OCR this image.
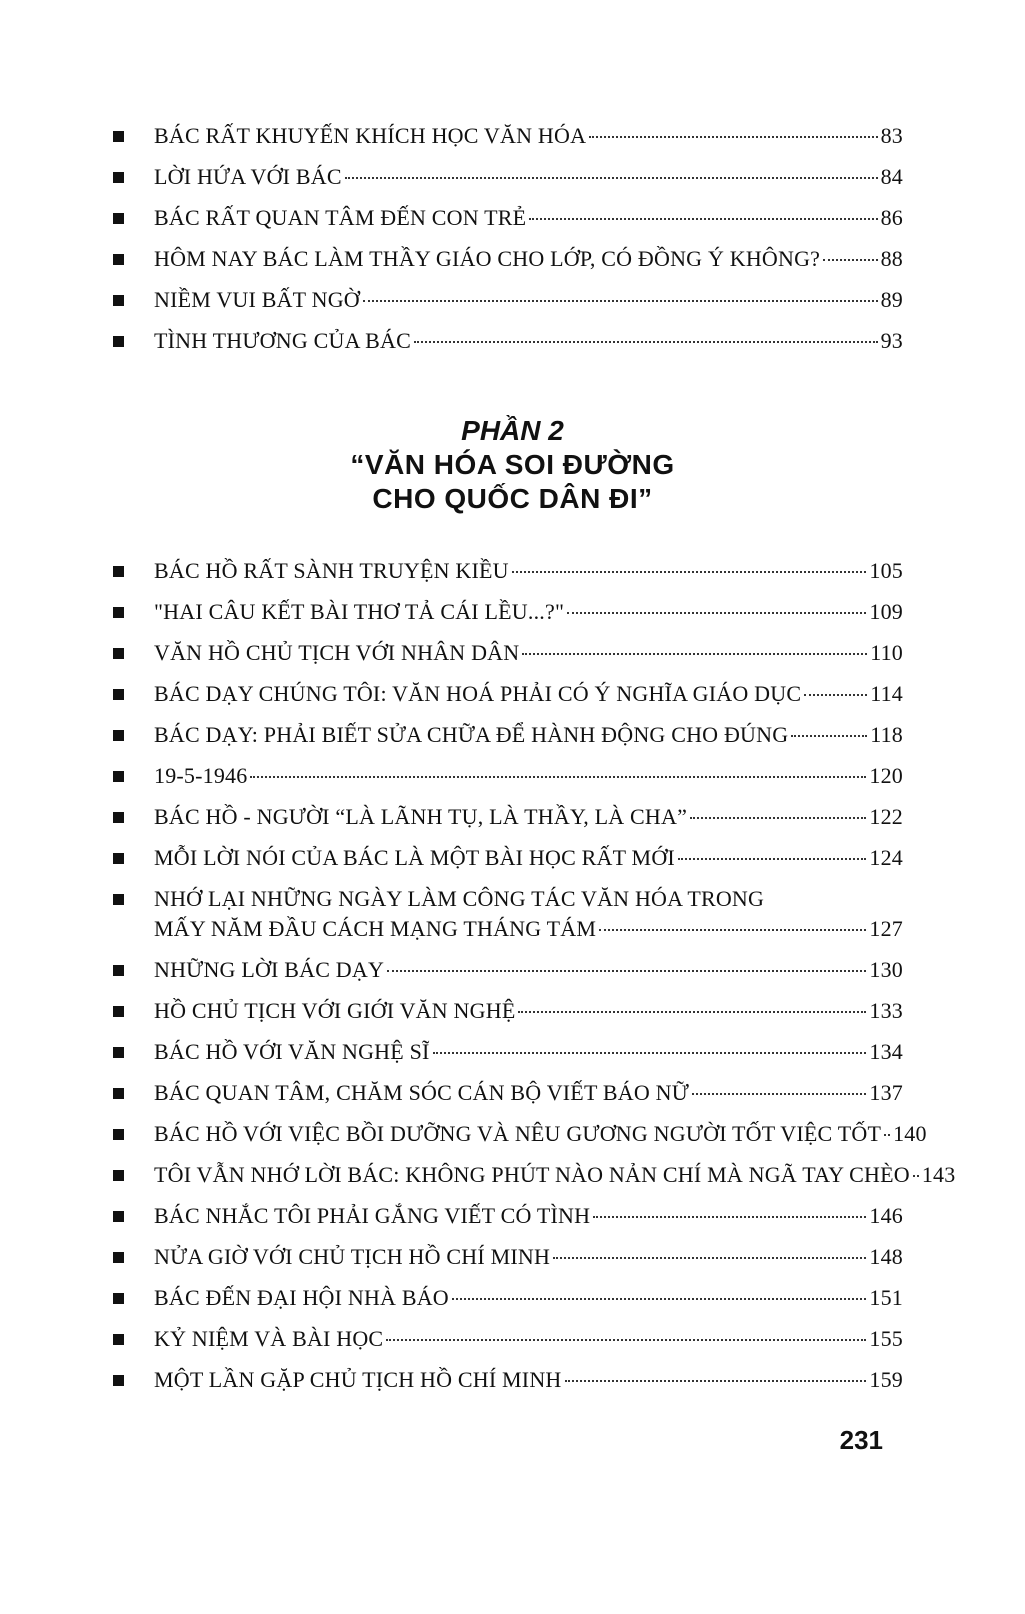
BÁC RẤT KHUYẾN KHÍCH HỌC VĂN HÓA	83
LỜI HỨA VỚI BÁC	84
BÁC RẤT QUAN TÂM ĐẾN CON TRẺ	86
HÔM NAY BÁC LÀM THẦY GIÁO CHO LỚP, CÓ ĐỒNG Ý KHÔNG?	88
NIỀM VUI BẤT NGỜ	89
TÌNH THƯƠNG CỦA BÁC	93
PHẦN 2
“VĂN HÓA SOI ĐƯỜNG
CHO QUỐC DÂN ĐI”
BÁC HỒ RẤT SÀNH TRUYỆN KIỀU	105
"HAI CÂU KẾT BÀI THƠ TẢ CÁI LỀU...?"	109
VĂN HỒ CHỦ TỊCH VỚI NHÂN DÂN	110
BÁC DẠY CHÚNG TÔI: VĂN HOÁ PHẢI CÓ Ý NGHĨA GIÁO DỤC	114
BÁC DẠY: PHẢI BIẾT SỬA CHỮA ĐỂ HÀNH ĐỘNG CHO ĐÚNG	118
19-5-1946	120
BÁC HỒ - NGƯỜI “LÀ LÃNH TỤ, LÀ THẦY, LÀ CHA”	122
MỖI LỜI NÓI CỦA BÁC LÀ MỘT BÀI HỌC RẤT MỚI	124
NHỚ LẠI NHỮNG NGÀY LÀM CÔNG TÁC VĂN HÓA TRONG
MẤY NĂM ĐẦU CÁCH MẠNG THÁNG TÁM	127
NHỮNG LỜI BÁC DẠY	130
HỒ CHỦ TỊCH VỚI GIỚI VĂN NGHỆ	133
BÁC HỒ VỚI VĂN NGHỆ SĨ	134
BÁC QUAN TÂM, CHĂM SÓC CÁN BỘ VIẾT BÁO NỮ	137
BÁC HỒ VỚI VIỆC BỒI DƯỠNG VÀ NÊU GƯƠNG NGƯỜI TỐT VIỆC TỐT 140
TÔI VẪN NHỚ LỜI BÁC: KHÔNG PHÚT NÀO NẢN CHÍ MÀ NGÃ TAY CHÈO 143
BÁC NHẮC TÔI PHẢI GẮNG VIẾT CÓ TÌNH	146
NỬA GIỜ VỚI CHỦ TỊCH HỒ CHÍ MINH	148
BÁC ĐẾN ĐẠI HỘI NHÀ BÁO	151
KỶ NIỆM VÀ BÀI HỌC	155
MỘT LẦN GẶP CHỦ TỊCH HỒ CHÍ MINH	159
231
